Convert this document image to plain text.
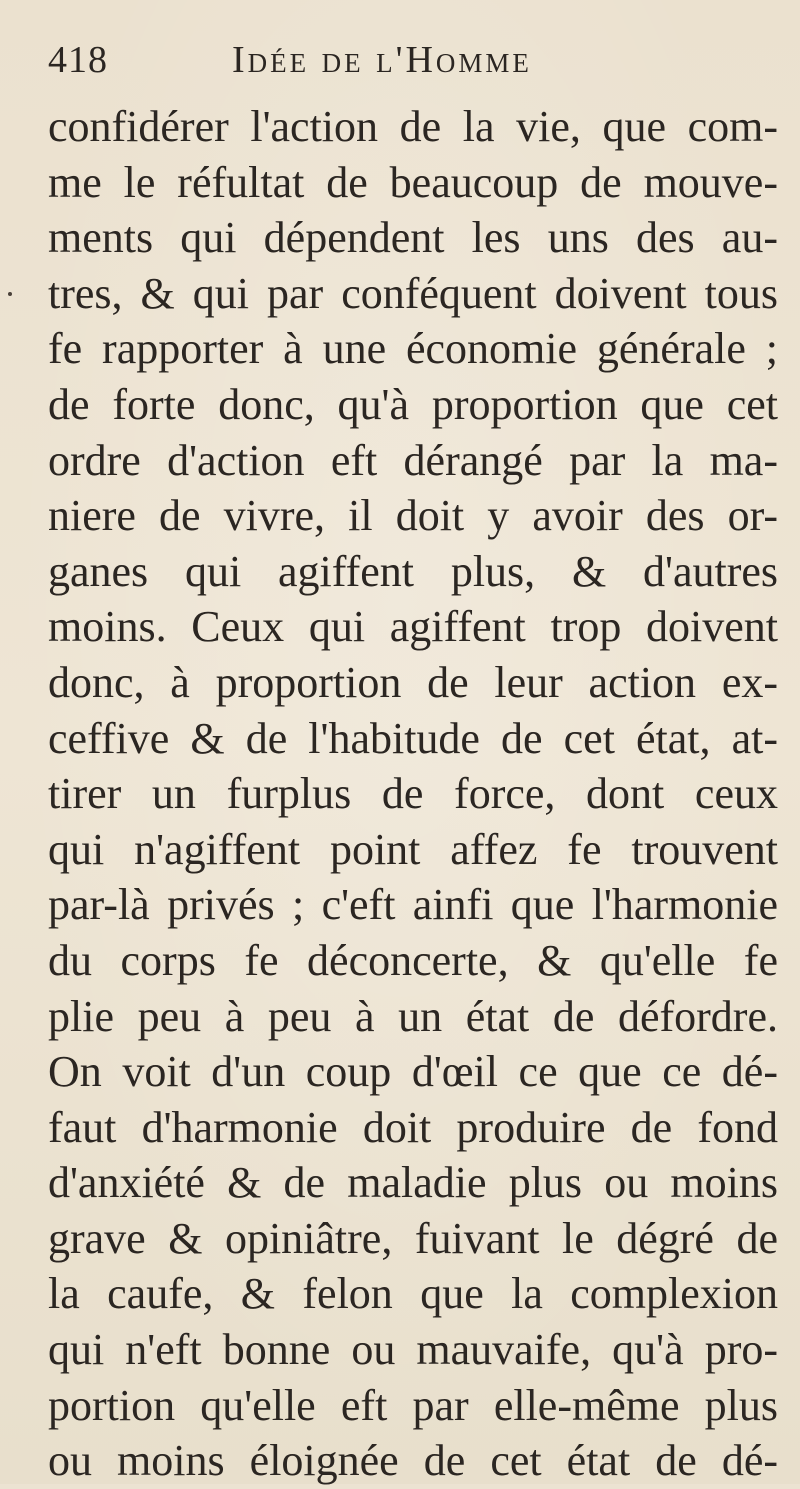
418	Idée de l'Homme
confidérer l'action de la vie, que com-
me le réfultat de beaucoup de mouve-
ments qui dépendent les uns des au-
tres, & qui par conféquent doivent tous
fe rapporter à une économie générale ;
de forte donc, qu'à proportion que cet
ordre d'action eft dérangé par la ma-
niere de vivre, il doit y avoir des or-
ganes qui agiffent plus, & d'autres
moins. Ceux qui agiffent trop doivent
donc, à proportion de leur action ex-
ceffive & de l'habitude de cet état, at-
tirer un furplus de force, dont ceux
qui n'agiffent point affez fe trouvent
par-là privés ; c'eft ainfi que l'harmonie
du corps fe déconcerte, & qu'elle fe
plie peu à peu à un état de défordre.
On voit d'un coup d'œil ce que ce dé-
faut d'harmonie doit produire de fond
d'anxiété & de maladie plus ou moins
grave & opiniâtre, fuivant le dégré de
la caufe, & felon que la complexion
qui n'eft bonne ou mauvaife, qu'à pro-
portion qu'elle eft par elle-même plus
ou moins éloignée de cet état de dé-
